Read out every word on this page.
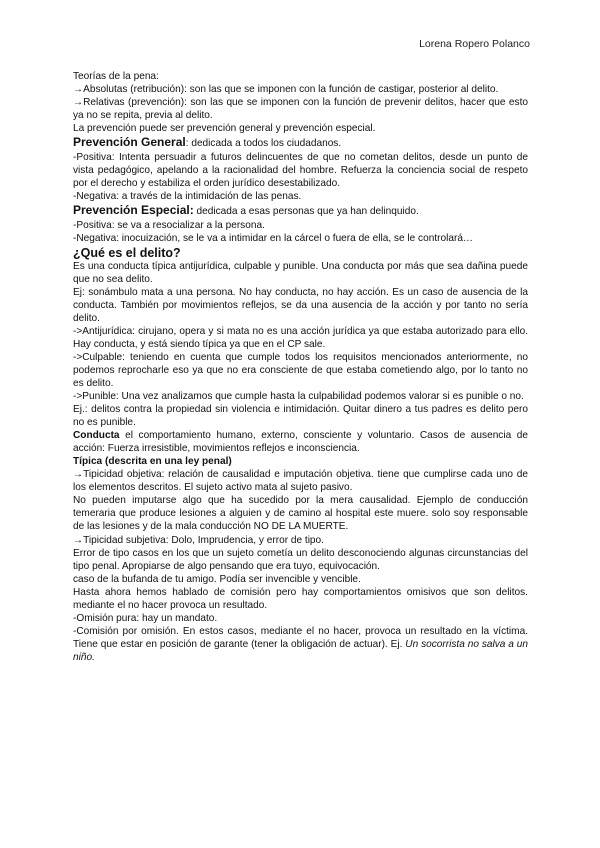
Lorena Ropero Polanco

Teorías de la pena:

→Absolutas (retribución): son las que se imponen con la función de castigar, posterior al delito.

→Relativas (prevención): son las que se imponen con la función de prevenir delitos, hacer que esto ya no se repita, previa al delito.

La prevención puede ser prevención general y prevención especial.

Prevención General: dedicada a todos los ciudadanos.

-Positiva: Intenta persuadir a futuros delincuentes de que no cometan delitos, desde un punto de vista pedagógico, apelando a la racionalidad del hombre. Refuerza la conciencia social de respeto por el derecho y estabiliza el orden jurídico desestabilizado.

-Negativa: a través de la intimidación de las penas.

Prevención Especial: dedicada a esas personas que ya han delinquido.

-Positiva: se va a resocializar a la persona.

-Negativa: inocuización, se le va a intimidar en la cárcel o fuera de ella, se le controlará…

¿Qué es el delito?

Es una conducta típica antijurídica, culpable y punible. Una conducta por más que sea dañina puede que no sea delito.

Ej: sonámbulo mata a una persona. No hay conducta, no hay acción. Es un caso de ausencia de la conducta. También por movimientos reflejos, se da una ausencia de la acción y por tanto no sería delito.

->Antijurídica: cirujano, opera y si mata no es una acción jurídica ya que estaba autorizado para ello. Hay conducta, y está siendo típica ya que en el CP sale.

->Culpable: teniendo en cuenta que cumple todos los requisitos mencionados anteriormente, no podemos reprocharle eso ya que no era consciente de que estaba cometiendo algo, por lo tanto no es delito.

->Punible: Una vez analizamos que cumple hasta la culpabilidad podemos valorar si es punible o no.

Ej.: delitos contra la propiedad sin violencia e intimidación. Quitar dinero a tus padres es delito pero no es punible.

Conducta el comportamiento humano, externo, consciente y voluntario. Casos de ausencia de acción: Fuerza irresistible, movimientos reflejos e inconsciencia.

Típica (descrita en una ley penal)

→Tipicidad objetiva: relación de causalidad e imputación objetiva. tiene que cumplirse cada uno de los elementos descritos. El sujeto activo mata al sujeto pasivo.

No pueden imputarse algo que ha sucedido por la mera causalidad. Ejemplo de conducción temeraria que produce lesiones a alguien y de camino al hospital este muere. solo soy responsable de las lesiones y de la mala conducción NO DE LA MUERTE.

→Tipicidad subjetiva: Dolo, Imprudencia, y error de tipo.

Error de tipo casos en los que un sujeto cometía un delito desconociendo algunas circunstancias del tipo penal. Apropiarse de algo pensando que era tuyo, equivocación.

caso de la bufanda de tu amigo. Podía ser invencible y vencible.

Hasta ahora hemos hablado de comisión pero hay comportamientos omisivos que son delitos. mediante el no hacer provoca un resultado.

-Omisión pura: hay un mandato.

-Comisión por omisión. En estos casos, mediante el no hacer, provoca un resultado en la víctima. Tiene que estar en posición de garante (tener la obligación de actuar). Ej. Un socorrista no salva a un niño.
